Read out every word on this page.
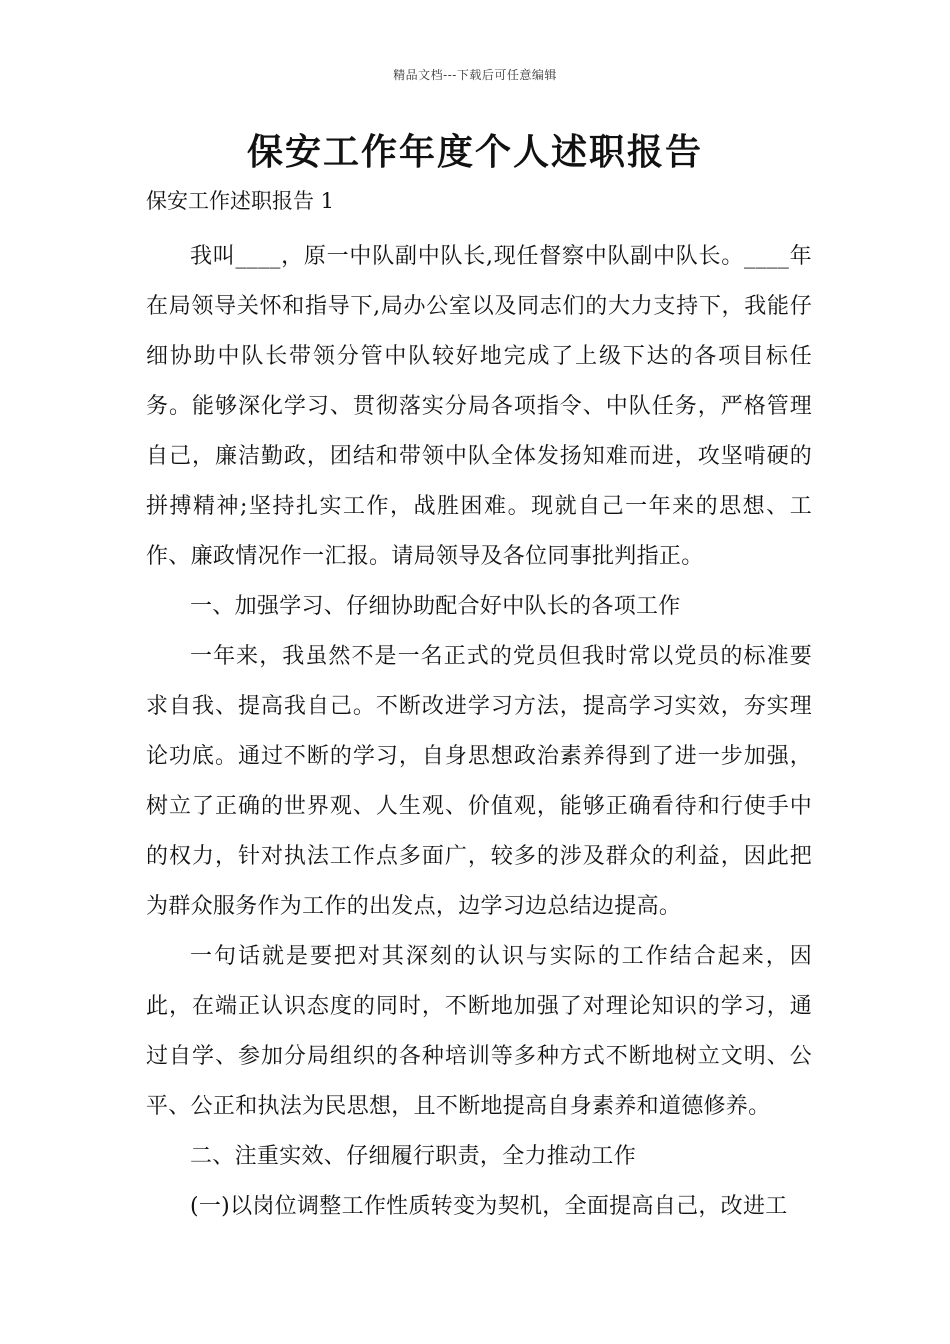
精品文档---下载后可任意编辑
保安工作年度个人述职报告
保安工作述职报告 1

我叫____，原一中队副中队长,现任督察中队副中队长。____年在局领导关怀和指导下,局办公室以及同志们的大力支持下，我能仔细协助中队长带领分管中队较好地完成了上级下达的各项目标任务。能够深化学习、贯彻落实分局各项指令、中队任务，严格管理自己，廉洁勤政，团结和带领中队全体发扬知难而进，攻坚啃硬的拼搏精神;坚持扎实工作，战胜困难。现就自己一年来的思想、工作、廉政情况作一汇报。请局领导及各位同事批判指正。

一、加强学习、仔细协助配合好中队长的各项工作

一年来，我虽然不是一名正式的党员但我时常以党员的标准要求自我、提高我自己。不断改进学习方法，提高学习实效，夯实理论功底。通过不断的学习，自身思想政治素养得到了进一步加强，树立了正确的世界观、人生观、价值观，能够正确看待和行使手中的权力，针对执法工作点多面广，较多的涉及群众的利益，因此把为群众服务作为工作的出发点，边学习边总结边提高。

一句话就是要把对其深刻的认识与实际的工作结合起来，因此，在端正认识态度的同时，不断地加强了对理论知识的学习，通过自学、参加分局组织的各种培训等多种方式不断地树立文明、公平、公正和执法为民思想，且不断地提高自身素养和道德修养。

二、注重实效、仔细履行职责，全力推动工作

(一)以岗位调整工作性质转变为契机，全面提高自己，改进工
